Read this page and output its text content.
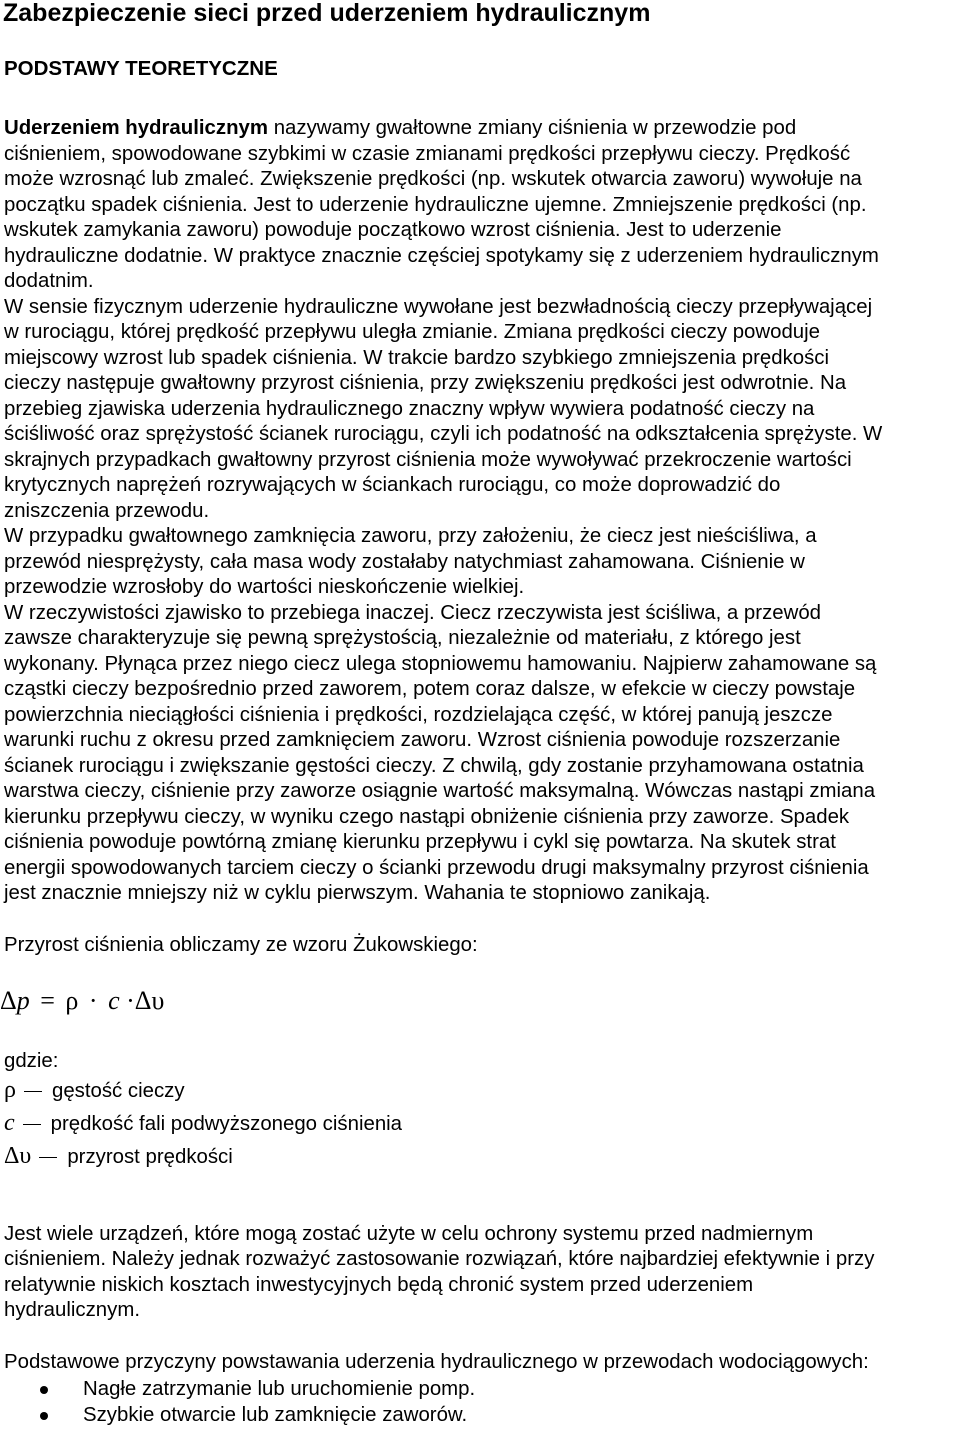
Zabezpieczenie sieci przed uderzeniem hydraulicznym
PODSTAWY TEORETYCZNE
Uderzeniem hydraulicznym nazywamy gwałtowne zmiany ciśnienia w przewodzie pod
ciśnieniem, spowodowane szybkimi w czasie zmianami prędkości przepływu cieczy. Prędkość
może wzrosnąć lub zmaleć. Zwiększenie prędkości (np. wskutek otwarcia zaworu) wywołuje na
początku spadek ciśnienia. Jest to uderzenie hydrauliczne ujemne. Zmniejszenie prędkości (np.
wskutek zamykania zaworu) powoduje początkowo wzrost ciśnienia. Jest to uderzenie
hydrauliczne dodatnie. W praktyce znacznie częściej spotykamy się z uderzeniem hydraulicznym
dodatnim.
W sensie fizycznym uderzenie hydrauliczne wywołane jest bezwładnością cieczy przepływającej
w rurociągu, której prędkość przepływu uległa zmianie. Zmiana prędkości cieczy powoduje
miejscowy wzrost lub spadek ciśnienia. W trakcie bardzo szybkiego zmniejszenia prędkości
cieczy następuje gwałtowny przyrost ciśnienia, przy zwiększeniu prędkości jest odwrotnie. Na
przebieg zjawiska uderzenia hydraulicznego znaczny wpływ wywiera podatność cieczy na
ściśliwość oraz sprężystość ścianek rurociągu, czyli ich podatność na odkształcenia sprężyste. W
skrajnych przypadkach gwałtowny przyrost ciśnienia może wywoływać przekroczenie wartości
krytycznych naprężeń rozrywających w ściankach rurociągu, co może doprowadzić do
zniszczenia przewodu.
W przypadku gwałtownego zamknięcia zaworu, przy założeniu, że ciecz jest nieściśliwa, a
przewód niesprężysty, cała masa wody zostałaby natychmiast zahamowana. Ciśnienie w
przewodzie wzrosłoby do wartości nieskończenie wielkiej.
W rzeczywistości zjawisko to przebiega inaczej. Ciecz rzeczywista jest ściśliwa, a przewód
zawsze charakteryzuje się pewną sprężystością, niezależnie od materiału, z którego jest
wykonany. Płynąca przez niego ciecz ulega stopniowemu hamowaniu. Najpierw zahamowane są
cząstki cieczy bezpośrednio przed zaworem, potem coraz dalsze, w efekcie w cieczy powstaje
powierzchnia nieciągłości ciśnienia i prędkości, rozdzielająca część, w której panują jeszcze
warunki ruchu z okresu przed zamknięciem zaworu. Wzrost ciśnienia powoduje rozszerzanie
ścianek rurociągu i zwiększanie gęstości cieczy. Z chwilą, gdy zostanie przyhamowana ostatnia
warstwa cieczy, ciśnienie przy zaworze osiągnie wartość maksymalną. Wówczas nastąpi zmiana
kierunku przepływu cieczy, w wyniku czego nastąpi obniżenie ciśnienia przy zaworze. Spadek
ciśnienia powoduje powtórną zmianę kierunku przepływu i cykl się powtarza. Na skutek strat
energii spowodowanych tarciem cieczy o ścianki przewodu drugi maksymalny przyrost ciśnienia
jest znacznie mniejszy niż w cyklu pierwszym. Wahania te stopniowo zanikają.
Przyrost ciśnienia obliczamy ze wzoru Żukowskiego:
Δp = ρ · c ·Δυ
gdzie:
ρ gęstość cieczy
c prędkość fali podwyższonego ciśnienia
Δυ przyrost prędkości
Jest wiele urządzeń, które mogą zostać użyte w celu ochrony systemu przed nadmiernym
ciśnieniem. Należy jednak rozważyć zastosowanie rozwiązań, które najbardziej efektywnie i przy
relatywnie niskich kosztach inwestycyjnych będą chronić system przed uderzeniem
hydraulicznym.
Podstawowe przyczyny powstawania uderzenia hydraulicznego w przewodach wodociągowych:
Nagłe zatrzymanie lub uruchomienie pomp.
Szybkie otwarcie lub zamknięcie zaworów.
